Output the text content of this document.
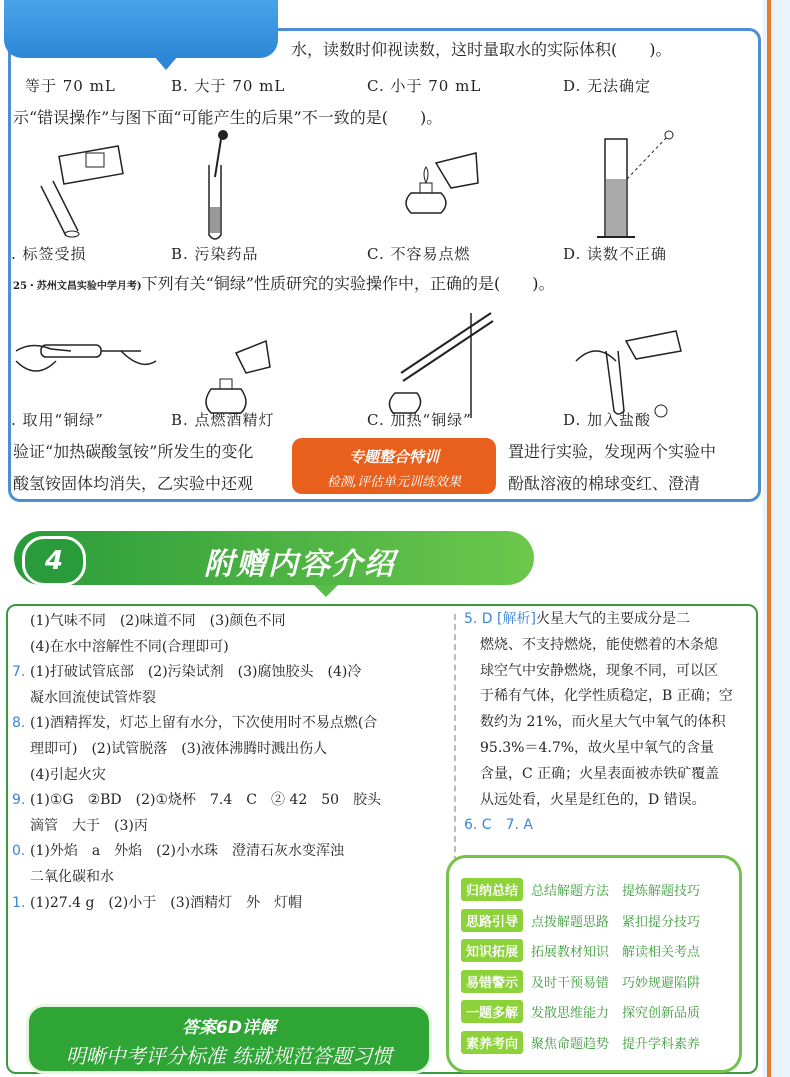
水，读数时仰视读数，这时量取水的实际体积(　　)。
等于 70 mL	B. 大于 70 mL	C. 小于 70 mL	D. 无法确定
示“错误操作”与图下面“可能产生的后果”不一致的是(　　)。
. 标签受损	B. 污染药品	C. 不容易点燃	D. 读数不正确
25・苏州文昌实验中学月考)下列有关“铜绿”性质研究的实验操作中，正确的是(　　)。
. 取用“铜绿”	B. 点燃酒精灯	C. 加热“铜绿”	D. 加入盐酸
验证“加热碳酸氢铵”所发生的变化	置进行实验，发现两个实验中
酸氢铵固体均消失，乙实验中还观	酚酞溶液的棉球变红、澄清
专题整合特训
检测,评估单元训练效果
4	附赠内容介绍
(1)气味不同　(2)味道不同　(3)颜色不同
(4)在水中溶解性不同(合理即可)
7. (1)打破试管底部　(2)污染试剂　(3)腐蚀胶头　(4)冷
凝水回流使试管炸裂
8. (1)酒精挥发，灯芯上留有水分，下次使用时不易点燃(合
理即可)　(2)试管脱落　(3)液体沸腾时溅出伤人
(4)引起火灾
9. (1)①G　②BD　(2)①烧杯　7.4　C　② 42　50　胶头
滴管　大于　(3)丙
0. (1)外焰　a　外焰　(2)小水珠　澄清石灰水变浑浊
二氧化碳和水
1. (1)27.4 g　(2)小于　(3)酒精灯　外　灯帽
5. D [解析]火星大气的主要成分是二
燃烧、不支持燃烧，能使燃着的木条熄
球空气中安静燃烧，现象不同，可以区
于稀有气体，化学性质稳定，B 正确；空
数约为 21%，而火星大气中氧气的体积
95.3%＝4.7%，故火星中氧气的含量
含量，C 正确；火星表面被赤铁矿覆盖
从远处看，火星是红色的，D 错误。
6. C　7. A
归纳总结 总结解题方法　提炼解题技巧
思路引导 点拨解题思路　紧扣提分技巧
知识拓展 拓展教材知识　解读相关考点
易错警示 及时干预易错　巧妙规避陷阱
一题多解 发散思维能力　探究创新品质
素养考向 聚焦命题趋势　提升学科素养
答案6D详解
明晰中考评分标准 练就规范答题习惯
